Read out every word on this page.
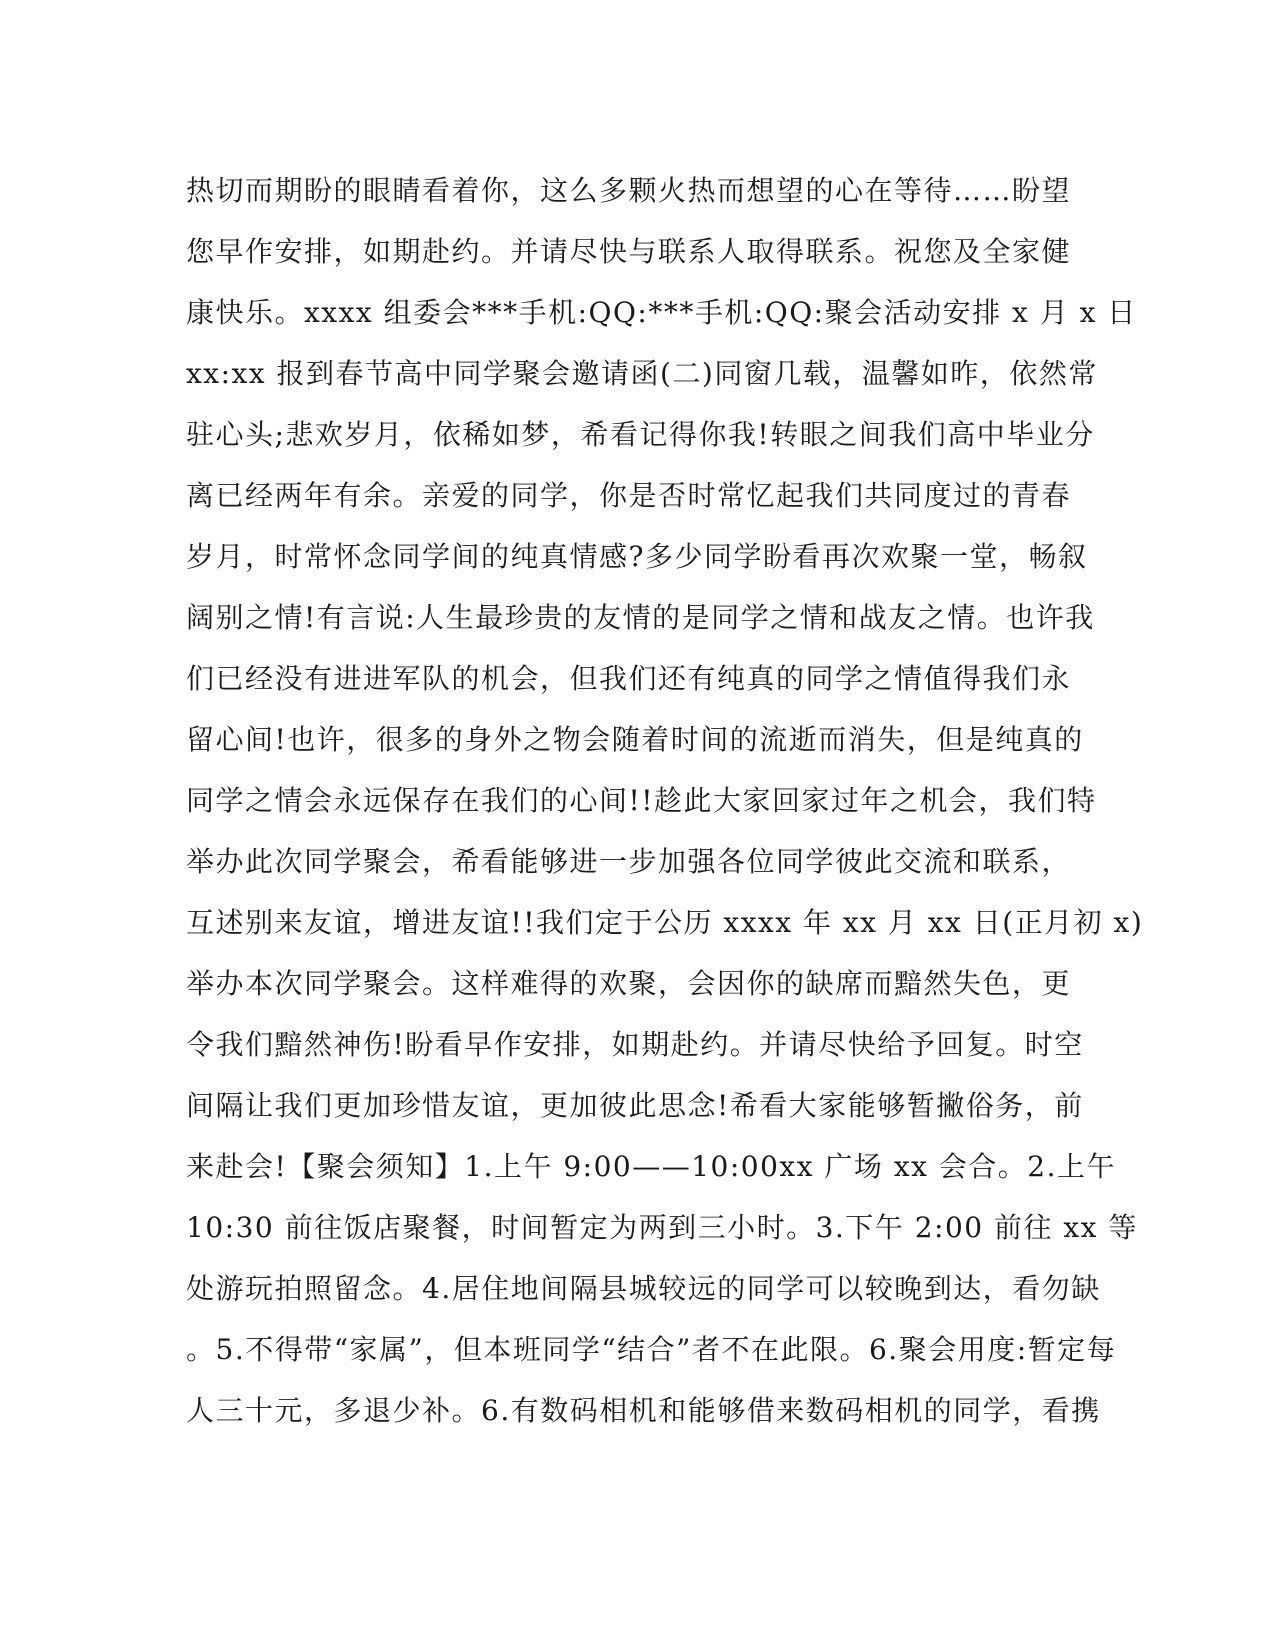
热切而期盼的眼睛看着你，这么多颗火热而想望的心在等待……盼望
您早作安排，如期赴约。并请尽快与联系人取得联系。祝您及全家健
康快乐。xxxx 组委会***手机:QQ:***手机:QQ:聚会活动安排 x 月 x 日
xx:xx 报到春节高中同学聚会邀请函(二)同窗几载，温馨如昨，依然常
驻心头;悲欢岁月，依稀如梦，希看记得你我!转眼之间我们高中毕业分
离已经两年有余。亲爱的同学，你是否时常忆起我们共同度过的青春
岁月，时常怀念同学间的纯真情感?多少同学盼看再次欢聚一堂，畅叙
阔别之情!有言说:人生最珍贵的友情的是同学之情和战友之情。也许我
们已经没有进进军队的机会，但我们还有纯真的同学之情值得我们永
留心间!也许，很多的身外之物会随着时间的流逝而消失，但是纯真的
同学之情会永远保存在我们的心间!!趁此大家回家过年之机会，我们特
举办此次同学聚会，希看能够进一步加强各位同学彼此交流和联系，
互述别来友谊，增进友谊!!我们定于公历 xxxx 年 xx 月 xx 日(正月初 x)
举办本次同学聚会。这样难得的欢聚，会因你的缺席而黯然失色，更
令我们黯然神伤!盼看早作安排，如期赴约。并请尽快给予回复。时空
间隔让我们更加珍惜友谊，更加彼此思念!希看大家能够暂撇俗务，前
来赴会!【聚会须知】1.上午 9:00——10:00xx 广场 xx 会合。2.上午
10:30 前往饭店聚餐，时间暂定为两到三小时。3.下午 2:00 前往 xx 等
处游玩拍照留念。4.居住地间隔县城较远的同学可以较晚到达，看勿缺
。5.不得带“家属”，但本班同学“结合”者不在此限。6.聚会用度:暂定每
人三十元，多退少补。6.有数码相机和能够借来数码相机的同学，看携
